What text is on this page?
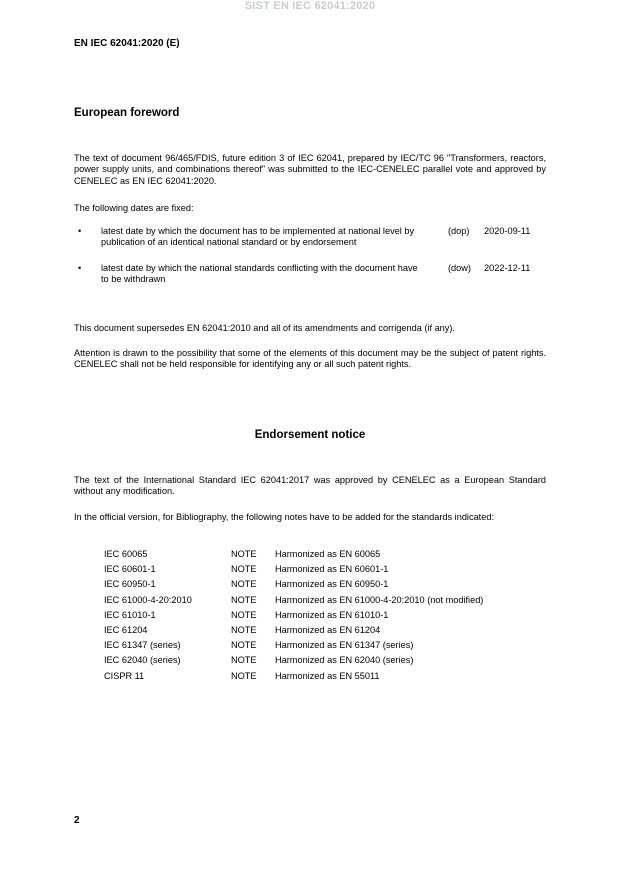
SIST EN IEC 62041:2020
EN IEC 62041:2020 (E)
European foreword
The text of document 96/465/FDIS, future edition 3 of IEC 62041, prepared by IEC/TC 96 "Transformers, reactors, power supply units, and combinations thereof" was submitted to the IEC-CENELEC parallel vote and approved by CENELEC as EN IEC 62041:2020.
The following dates are fixed:
• latest date by which the document has to be implemented at national level by publication of an identical national standard or by endorsement
(dop) 2020-09-11
• latest date by which the national standards conflicting with the document have to be withdrawn
(dow) 2022-12-11
This document supersedes EN 62041:2010 and all of its amendments and corrigenda (if any).
Attention is drawn to the possibility that some of the elements of this document may be the subject of patent rights. CENELEC shall not be held responsible for identifying any or all such patent rights.
Endorsement notice
The text of the International Standard IEC 62041:2017 was approved by CENELEC as a European Standard without any modification.
In the official version, for Bibliography, the following notes have to be added for the standards indicated:
IEC 60065	NOTE Harmonized as EN 60065
IEC 60601-1	NOTE Harmonized as EN 60601-1
IEC 60950-1	NOTE Harmonized as EN 60950-1
IEC 61000-4-20:2010	NOTE Harmonized as EN 61000-4-20:2010 (not modified)
IEC 61010-1	NOTE Harmonized as EN 61010-1
IEC 61204	NOTE Harmonized as EN 61204
IEC 61347 (series)	NOTE Harmonized as EN 61347 (series)
IEC 62040 (series)	NOTE Harmonized as EN 62040 (series)
CISPR 11	NOTE Harmonized as EN 55011
2
